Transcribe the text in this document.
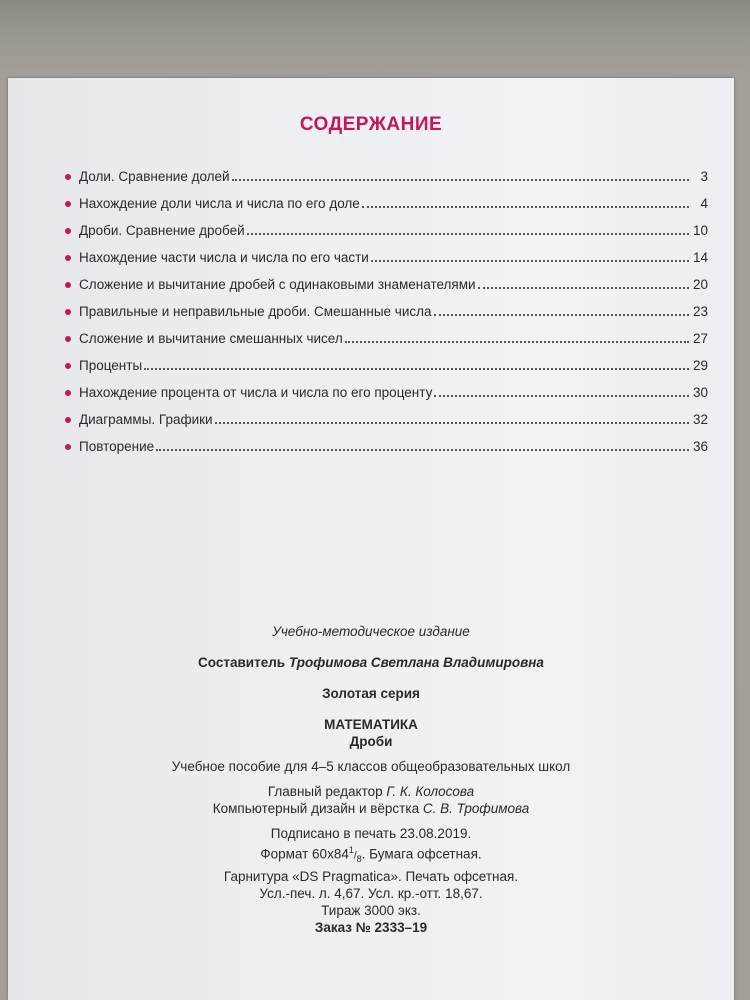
СОДЕРЖАНИЕ
Доли. Сравнение долей	3
Нахождение доли числа и числа по его доле	4
Дроби. Сравнение дробей	10
Нахождение части числа и числа по его части	14
Сложение и вычитание дробей с одинаковыми знаменателями	20
Правильные и неправильные дроби. Смешанные числа	23
Сложение и вычитание смешанных чисел	27
Проценты	29
Нахождение процента от числа и числа по его проценту	30
Диаграммы. Графики	32
Повторение	36
Учебно-методическое издание
Составитель Трофимова Светлана Владимировна
Золотая серия
МАТЕМАТИКА
Дроби
Учебное пособие для 4–5 классов общеобразовательных школ
Главный редактор Г. К. Колосова
Компьютерный дизайн и вёрстка С. В. Трофимова
Подписано в печать 23.08.2019.
Формат $60х84^1/_8$. Бумага офсетная.
Гарнитура «DS Pragmatica». Печать офсетная.
Усл.-печ. л. 4,67. Усл. кр.-отт. 18,67.
Тираж 3000 экз.
Заказ № 2333–19
